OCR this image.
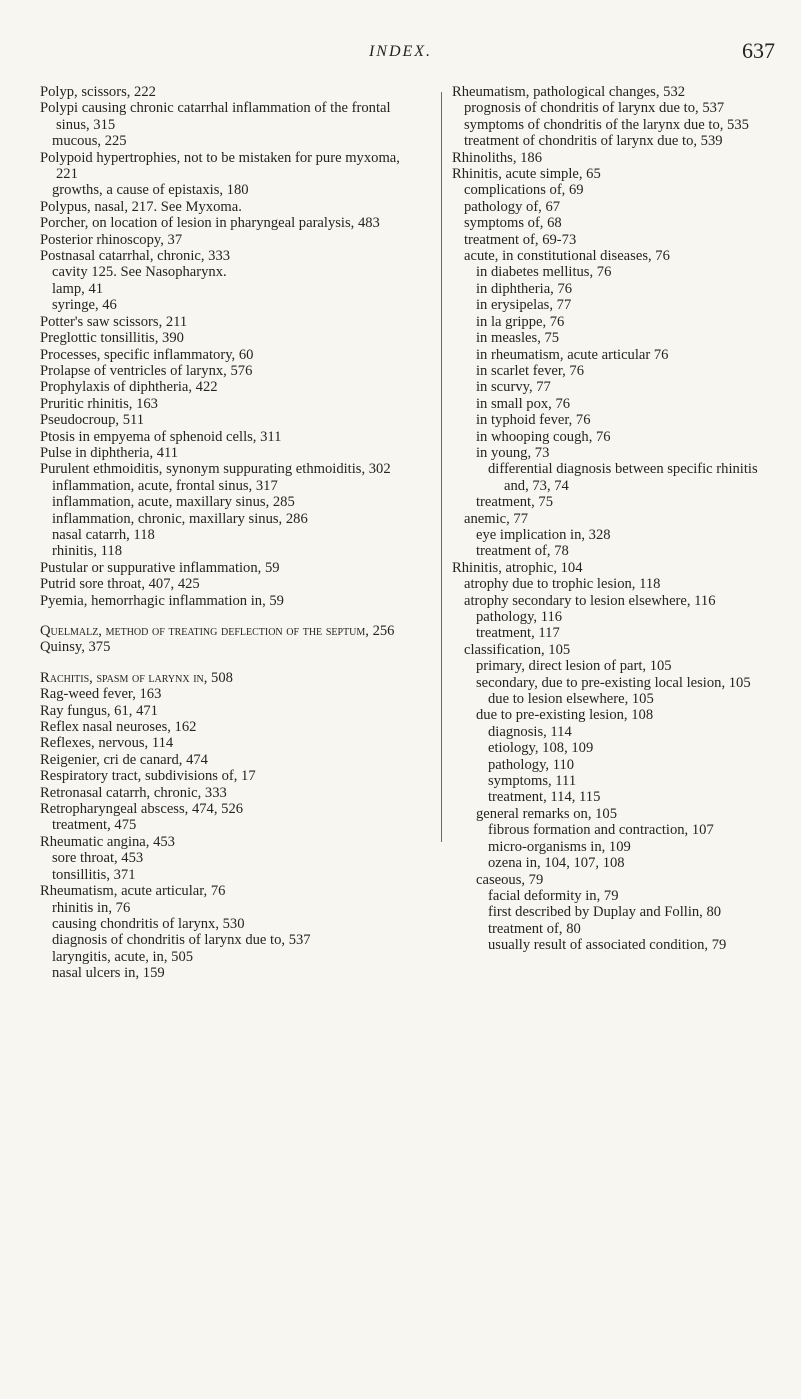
INDEX.	637

Polyp, scissors, 222

Polypi causing chronic catarrhal inflammation of the frontal sinus, 315

mucous, 225

Polypoid hypertrophies, not to be mistaken for pure myxoma, 221

growths, a cause of epistaxis, 180

Polypus, nasal, 217. See Myxoma.

Porcher, on location of lesion in pharyngeal paralysis, 483

Posterior rhinoscopy, 37

Postnasal catarrhal, chronic, 333

cavity 125. See Nasopharynx.

lamp, 41

syringe, 46

Potter's saw scissors, 211

Preglottic tonsillitis, 390

Processes, specific inflammatory, 60

Prolapse of ventricles of larynx, 576

Prophylaxis of diphtheria, 422

Pruritic rhinitis, 163

Pseudocroup, 511

Ptosis in empyema of sphenoid cells, 311

Pulse in diphtheria, 411

Purulent ethmoiditis, synonym suppurating ethmoiditis, 302

inflammation, acute, frontal sinus, 317

inflammation, acute, maxillary sinus, 285

inflammation, chronic, maxillary sinus, 286

nasal catarrh, 118

rhinitis, 118

Pustular or suppurative inflammation, 59

Putrid sore throat, 407, 425

Pyemia, hemorrhagic inflammation in, 59

Quelmalz, method of treating deflection of the septum, 256

Quinsy, 375

Rachitis, spasm of larynx in, 508

Rag-weed fever, 163

Ray fungus, 61, 471

Reflex nasal neuroses, 162

Reflexes, nervous, 114

Reigenier, cri de canard, 474

Respiratory tract, subdivisions of, 17

Retronasal catarrh, chronic, 333

Retropharyngeal abscess, 474, 526

treatment, 475

Rheumatic angina, 453

sore throat, 453

tonsillitis, 371

Rheumatism, acute articular, 76

rhinitis in, 76

causing chondritis of larynx, 530

diagnosis of chondritis of larynx due to, 537

laryngitis, acute, in, 505

nasal ulcers in, 159

Rheumatism, pathological changes, 532

prognosis of chondritis of larynx due to, 537

symptoms of chondritis of the larynx due to, 535

treatment of chondritis of larynx due to, 539

Rhinoliths, 186

Rhinitis, acute simple, 65

complications of, 69

pathology of, 67

symptoms of, 68

treatment of, 69-73

acute, in constitutional diseases, 76

in diabetes mellitus, 76

in diphtheria, 76

in erysipelas, 77

in la grippe, 76

in measles, 75

in rheumatism, acute articular 76

in scarlet fever, 76

in scurvy, 77

in small pox, 76

in typhoid fever, 76

in whooping cough, 76

in young, 73

differential diagnosis between specific rhinitis and, 73, 74

treatment, 75

anemic, 77

eye implication in, 328

treatment of, 78

Rhinitis, atrophic, 104

atrophy due to trophic lesion, 118

atrophy secondary to lesion elsewhere, 116

pathology, 116

treatment, 117

classification, 105

primary, direct lesion of part, 105

secondary, due to pre-existing local lesion, 105

due to lesion elsewhere, 105

due to pre-existing lesion, 108

diagnosis, 114

etiology, 108, 109

pathology, 110

symptoms, 111

treatment, 114, 115

general remarks on, 105

fibrous formation and contraction, 107

micro-organisms in, 109

ozena in, 104, 107, 108

caseous, 79

facial deformity in, 79

first described by Duplay and Follin, 80

treatment of, 80

usually result of associated condition, 79
